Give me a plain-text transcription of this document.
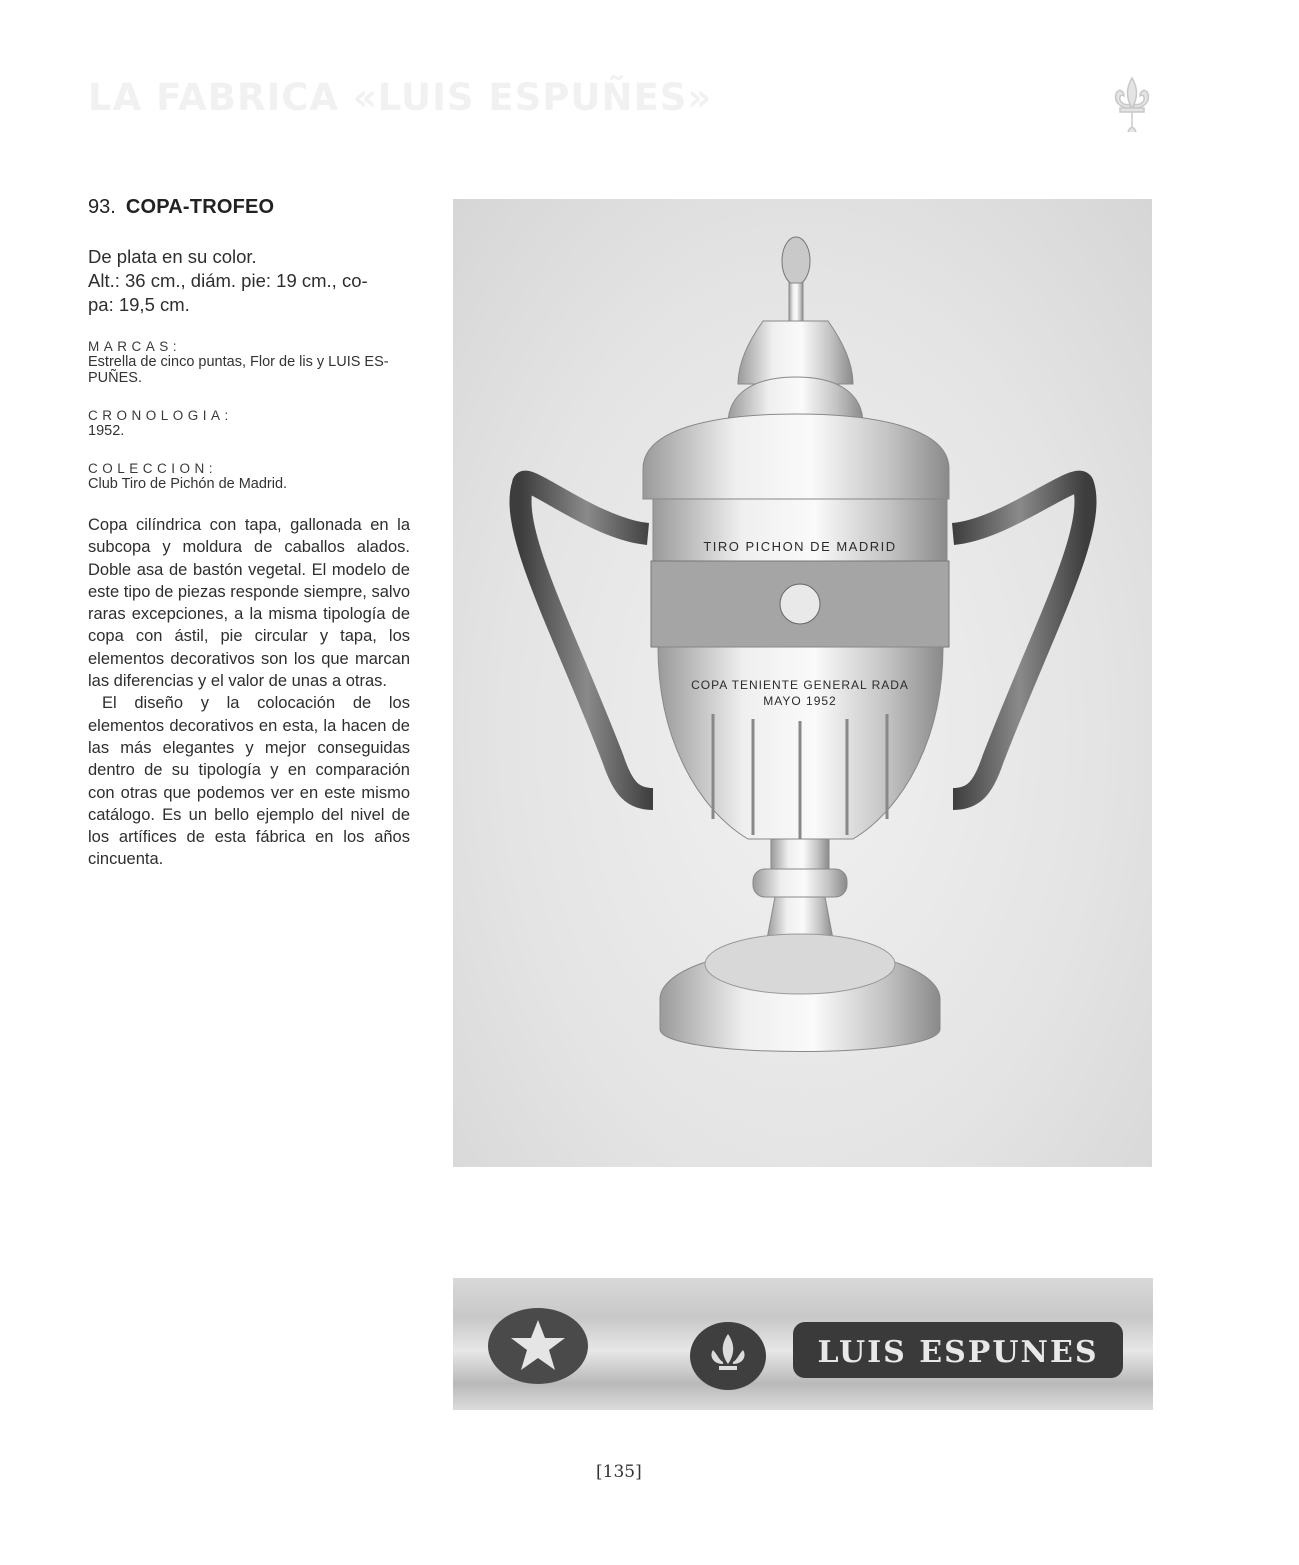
LA FABRICA «LUIS ESPUÑES»
93. COPA-TROFEO
De plata en su color.
Alt.: 36 cm., diám. pie: 19 cm., co-
pa: 19,5 cm.
MARCAS:
Estrella de cinco puntas, Flor de lis y LUIS ES-PUÑES.
CRONOLOGIA:
1952.
COLECCION:
Club Tiro de Pichón de Madrid.

Copa cilíndrica con tapa, gallonada en la subcopa y moldura de caballos alados. Doble asa de bastón vegetal. El modelo de este tipo de piezas responde siempre, salvo raras excepciones, a la misma tipología de copa con ástil, pie circular y tapa, los elementos decorativos son los que marcan las diferencias y el valor de unas a otras.

El diseño y la colocación de los elementos decorativos en esta, la hacen de las más elegantes y mejor conseguidas dentro de su tipología y en comparación con otras que podemos ver en este mismo catálogo. Es un bello ejemplo del nivel de los artífices de esta fábrica en los años cincuenta.

TIRO PICHON DE MADRID
COPA TENIENTE GENERAL RADA
MAYO 1952
LUIS ESPUNES
[135]
